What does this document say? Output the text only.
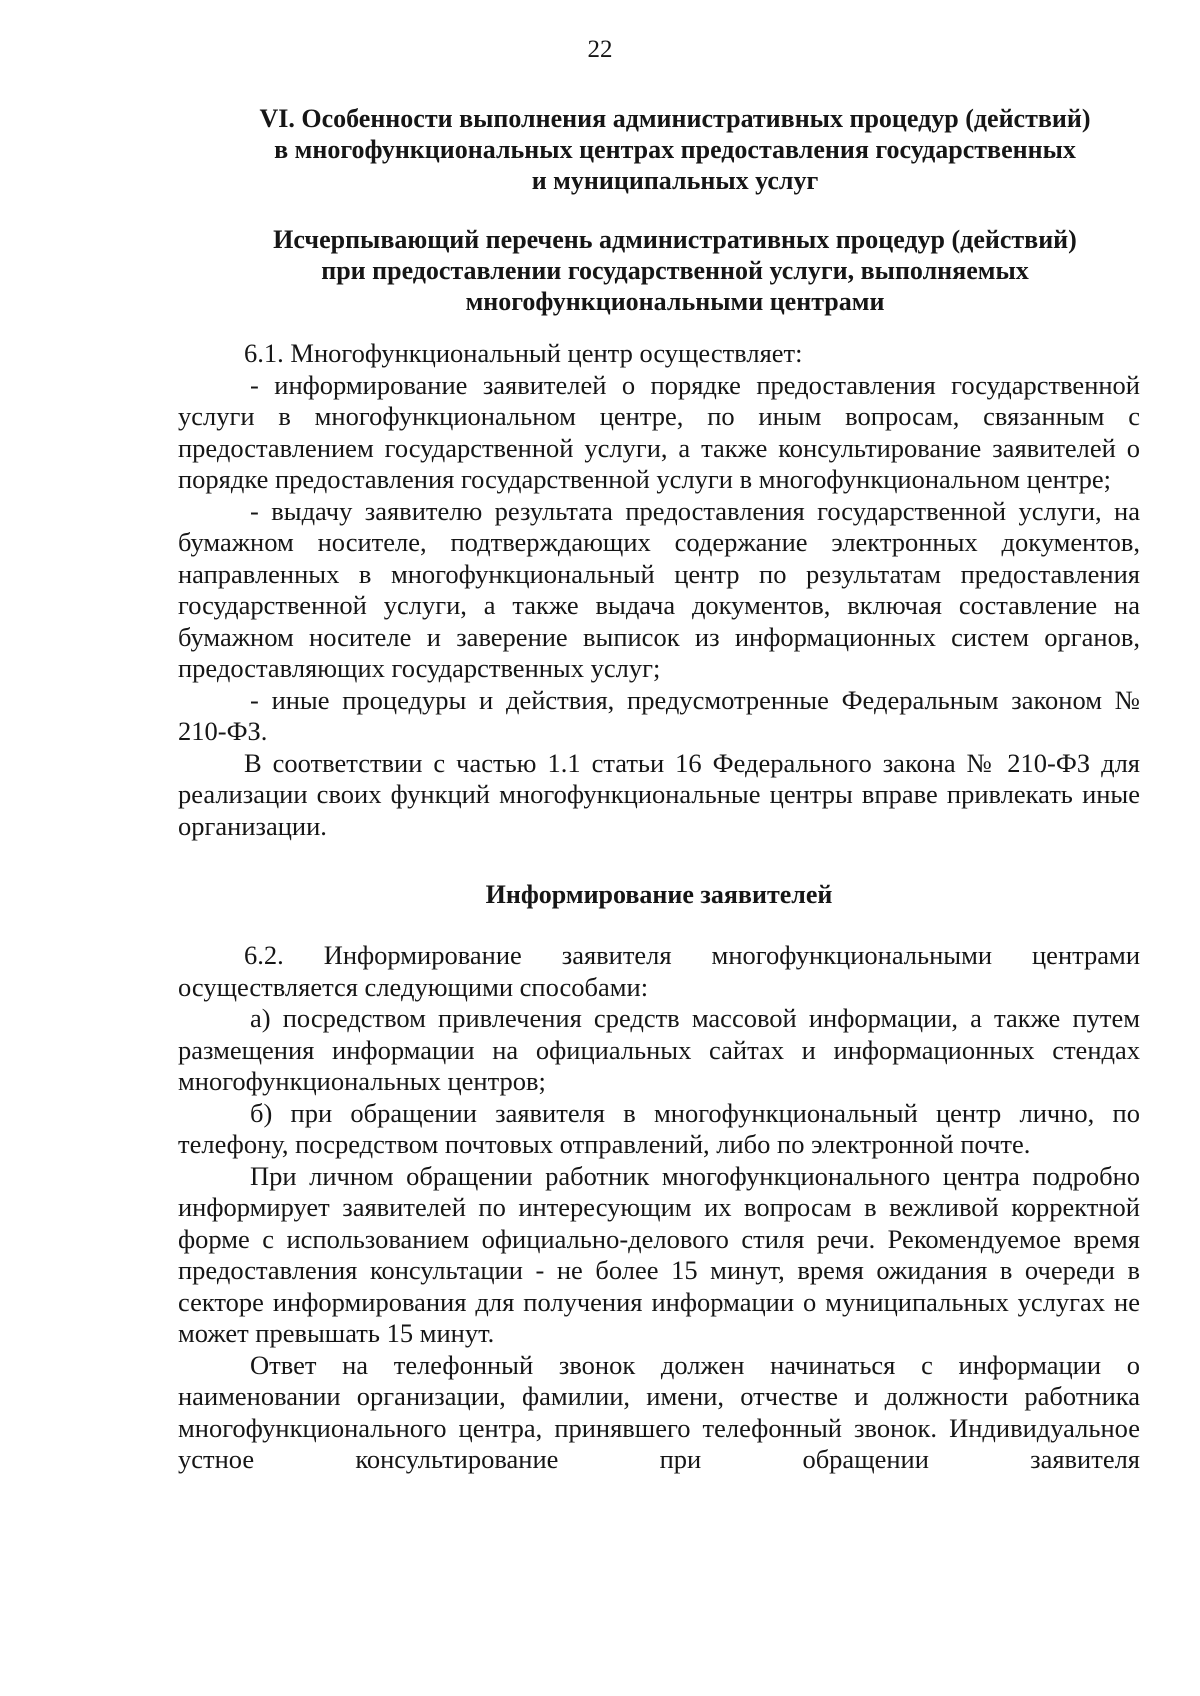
22
VI. Особенности выполнения административных процедур (действий)
в многофункциональных центрах предоставления государственных
и муниципальных услуг
Исчерпывающий перечень административных процедур (действий)
при предоставлении государственной услуги, выполняемых
многофункциональными центрами

6.1. Многофункциональный центр осуществляет:

- информирование заявителей о порядке предоставления государственной услуги в многофункциональном центре, по иным вопросам, связанным с предоставлением государственной услуги, а также консультирование заявителей о порядке предоставления государственной услуги в многофункциональном центре;

- выдачу заявителю результата предоставления государственной услуги, на бумажном носителе, подтверждающих содержание электронных документов, направленных в многофункциональный центр по результатам предоставления государственной услуги, а также выдача документов, включая составление на бумажном носителе и заверение выписок из информационных систем органов, предоставляющих государственных услуг;

- иные процедуры и действия, предусмотренные Федеральным законом № 210-ФЗ.

В соответствии с частью 1.1 статьи 16 Федерального закона № 210-ФЗ для реализации своих функций многофункциональные центры вправе привлекать иные организации.

Информирование заявителей

6.2. Информирование заявителя многофункциональными центрами осуществляется следующими способами:

а) посредством привлечения средств массовой информации, а также путем размещения информации на официальных сайтах и информационных стендах многофункциональных центров;

б) при обращении заявителя в многофункциональный центр лично, по телефону, посредством почтовых отправлений, либо по электронной почте.

При личном обращении работник многофункционального центра подробно информирует заявителей по интересующим их вопросам в вежливой корректной форме с использованием официально-делового стиля речи. Рекомендуемое время предоставления консультации - не более 15 минут, время ожидания в очереди в секторе информирования для получения информации о муниципальных услугах не может превышать 15 минут.

Ответ на телефонный звонок должен начинаться с информации о наименовании организации, фамилии, имени, отчестве и должности работника многофункционального центра, принявшего телефонный звонок. Индивидуальное устное консультирование при обращении заявителя
